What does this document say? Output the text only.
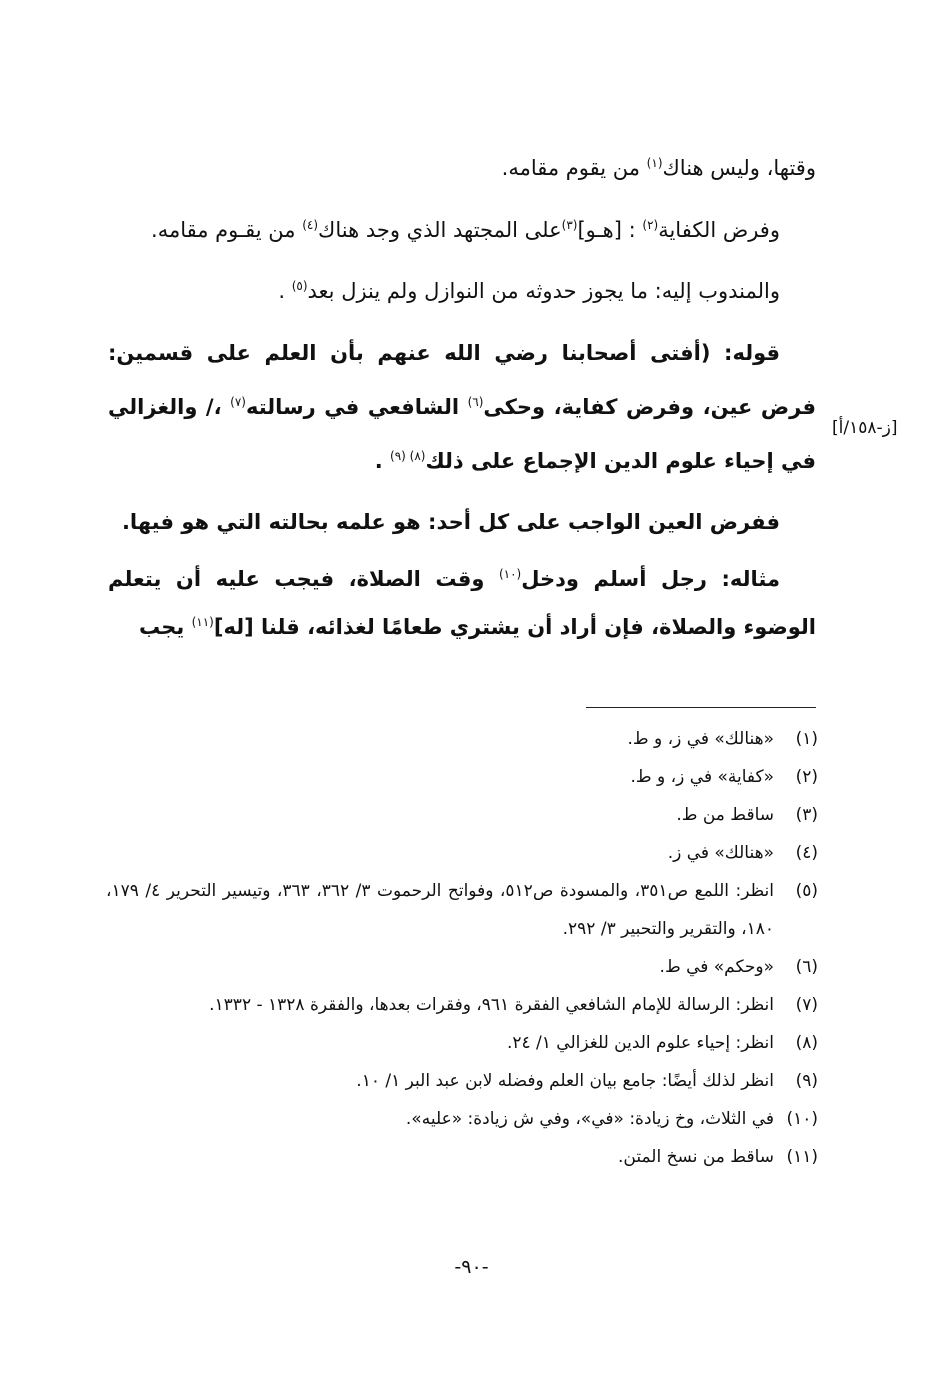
وقتها، وليس هناك$^{(١)}$ من يقوم مقامه.

وفرض الكفاية$^{(٢)}$ : [هـو]$^{(٣)}$على المجتهد الذي وجد هناك$^{(٤)}$ من يقـوم مقامه.

والمندوب إليه: ما يجوز حدوثه من النوازل ولم ينزل بعد$^{(٥)}$ .

قوله: (أفتى أصحابنا رضي الله عنهم بأن العلم على قسمين: فرض عين، وفرض كفاية، وحكى$^{(٦)}$ الشافعي في رسالته$^{(٧)}$ ،/ والغزالي في إحياء علوم الدين الإجماع على ذلك$^{(٨) (٩)}$ .

ففرض العين الواجب على كل أحد: هو علمه بحالته التي هو فيها.

مثاله: رجل أسلم ودخل$^{(١٠)}$ وقت الصلاة، فيجب عليه أن يتعلم الوضوء والصلاة، فإن أراد أن يشتري طعامًا لغذائه، قلنا [له]$^{(١١)}$ يجب

[ز-١٥٨/أ]
(١)
«هنالك» في ز، و ط.
(٢)
«كفاية» في ز، و ط.
(٣)
ساقط من ط.
(٤)
«هنالك» في ز.
(٥)
انظر: اللمع ص٣٥١، والمسودة ص٥١٢، وفواتح الرحموت ٣/ ٣٦٢، ٣٦٣، وتيسير التحرير ٤/ ١٧٩، ١٨٠، والتقرير والتحبير ٣/ ٢٩٢.
(٦)
«وحكم» في ط.
(٧)
انظر: الرسالة للإمام الشافعي الفقرة ٩٦١، وفقرات بعدها، والفقرة ١٣٢٨ - ١٣٣٢.
(٨)
انظر: إحياء علوم الدين للغزالي ١/ ٢٤.
(٩)
انظر لذلك أيضًا: جامع بيان العلم وفضله لابن عبد البر ١/ ١٠.
(١٠)
في الثلاث، وخ زيادة: «في»، وفي ش زيادة: «عليه».
(١١)
ساقط من نسخ المتن.
-٩٠-
